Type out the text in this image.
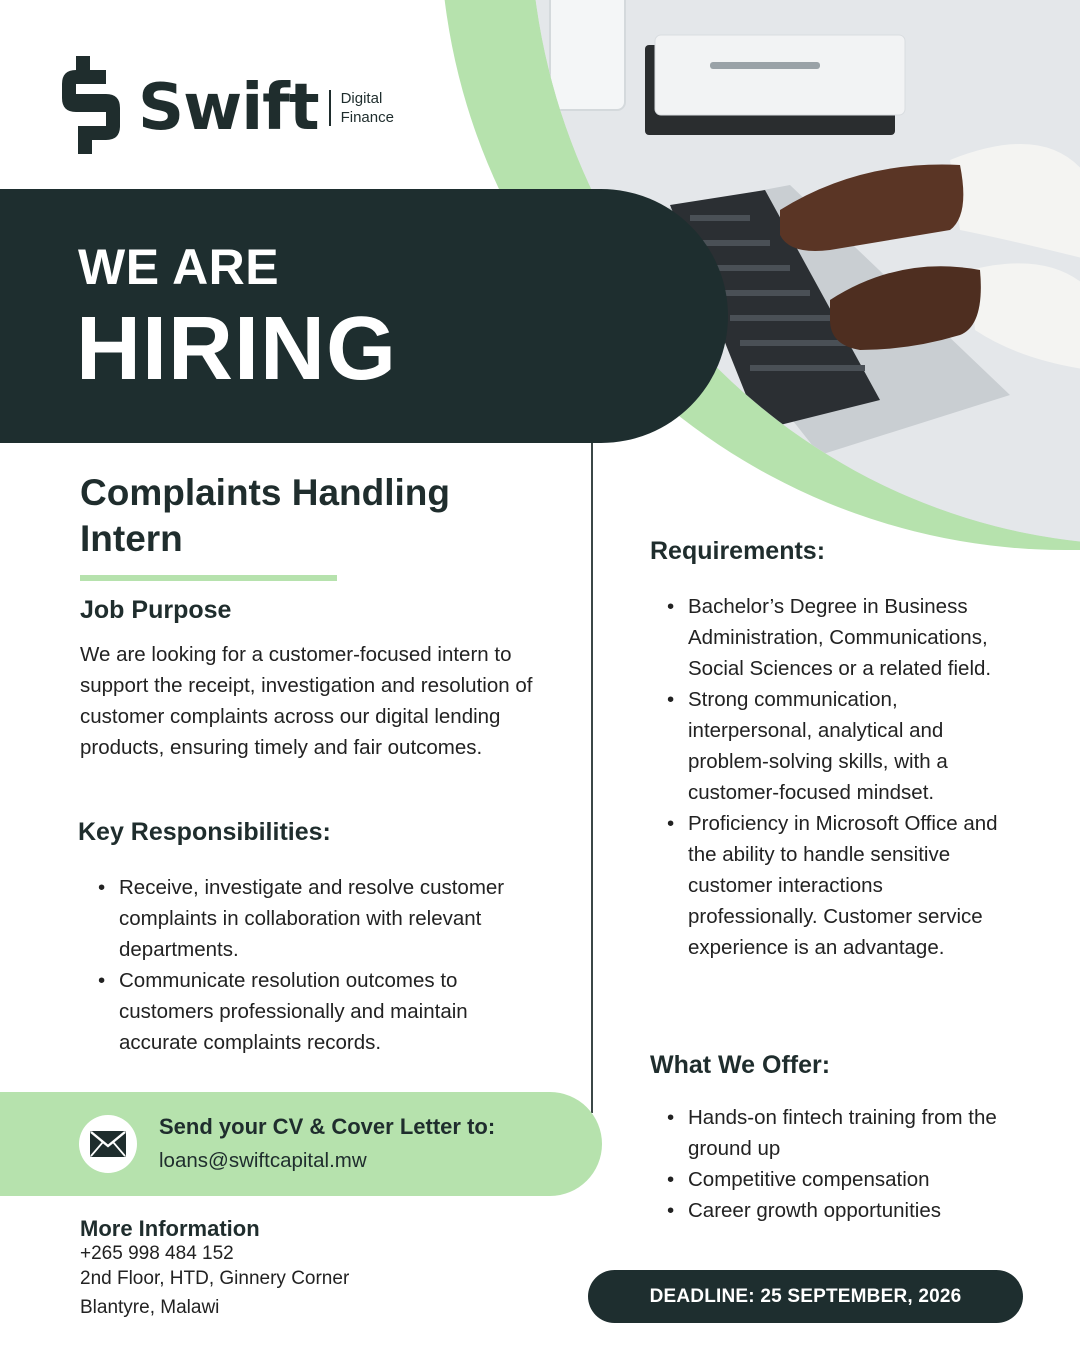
Swift Digital
Finance
WE ARE
HIRING
Complaints Handling Intern
Job Purpose
We are looking for a customer-focused intern to support the receipt, investigation and resolution of customer complaints across our digital lending products, ensuring timely and fair outcomes.
Key Responsibilities:
• Receive, investigate and resolve customer complaints in collaboration with relevant departments.
• Communicate resolution outcomes to customers professionally and maintain accurate complaints records.
Send your CV & Cover Letter to:
loans@swiftcapital.mw
More Information
+265 998 484 152
2nd Floor, HTD, Ginnery Corner
Blantyre, Malawi
Requirements:
• Bachelor’s Degree in Business Administration, Communications, Social Sciences or a related field.
• Strong communication, interpersonal, analytical and problem-solving skills, with a customer-focused mindset.
• Proficiency in Microsoft Office and the ability to handle sensitive customer interactions professionally. Customer service experience is an advantage.
What We Offer:
• Hands-on fintech training from the ground up
• Competitive compensation
• Career growth opportunities
DEADLINE: 25 SEPTEMBER, 2026
